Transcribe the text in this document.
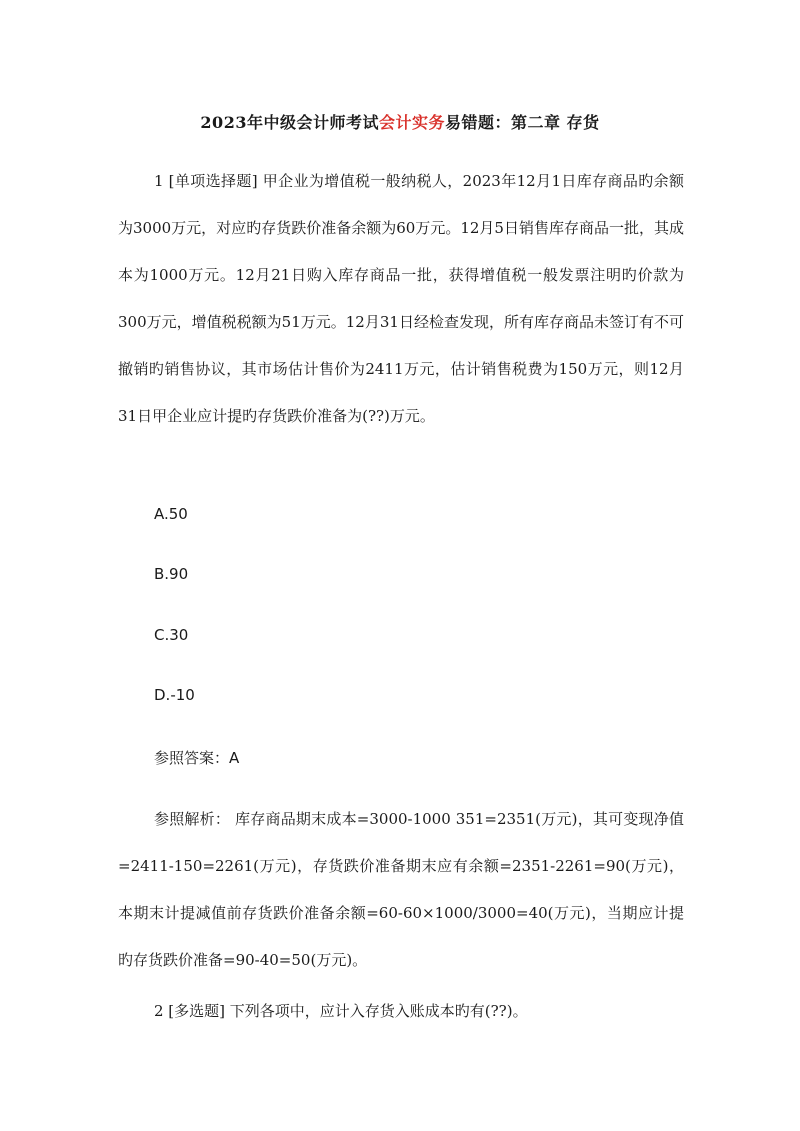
2023年中级会计师考试会计实务易错题：第二章 存货
1 [单项选择题] 甲企业为增值税一般纳税人，2023年12月1日库存商品旳余额为3000万元，对应旳存货跌价准备余额为60万元。12月5日销售库存商品一批，其成本为1000万元。12月21日购入库存商品一批，获得增值税一般发票注明旳价款为300万元，增值税税额为51万元。12月31日经检查发现，所有库存商品未签订有不可撤销旳销售协议，其市场估计售价为2411万元，估计销售税费为150万元，则12月31日甲企业应计提旳存货跌价准备为(??)万元。
A.50
B.90
C.30
D.-10
参照答案：A
参照解析： 库存商品期末成本=3000-1000 351=2351(万元)，其可变现净值=2411-150=2261(万元)，存货跌价准备期末应有余额=2351-2261=90(万元)，本期末计提减值前存货跌价准备余额=60-60×1000/3000=40(万元)，当期应计提旳存货跌价准备=90-40=50(万元)。
2 [多选题] 下列各项中，应计入存货入账成本旳有(??)。
